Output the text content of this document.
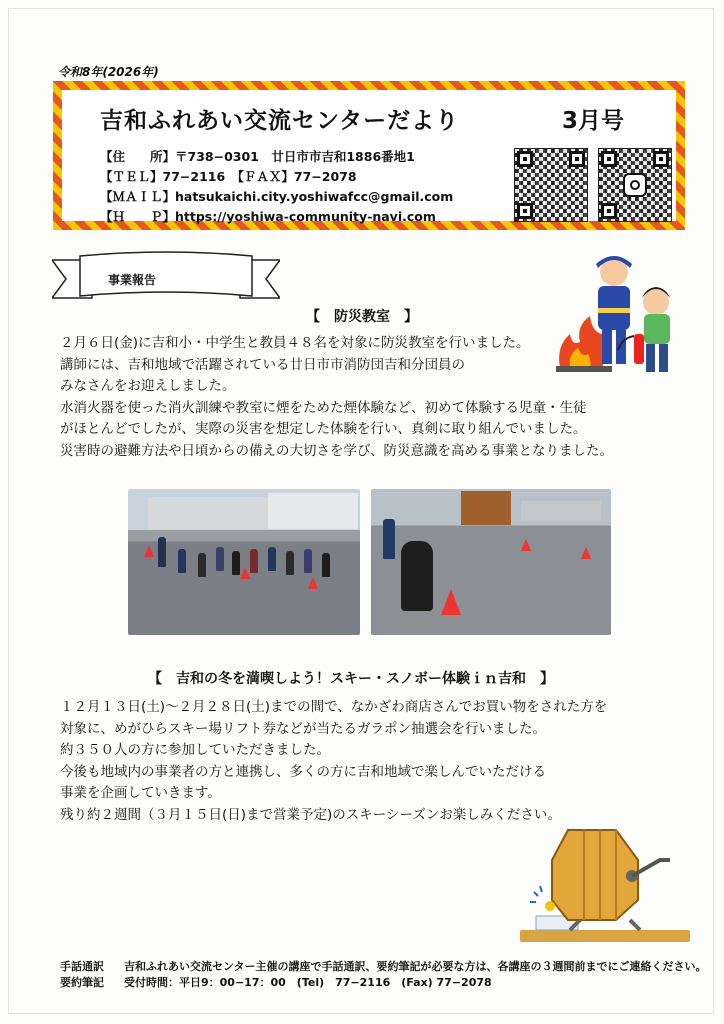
令和8年(2026年)
吉和ふれあい交流センターだより	3月号
【住　　所】〒738−0301　廿日市市吉和1886番地1
【ＴＥＬ】77−2116　【ＦＡＸ】77−2078
【ＭＡＩＬ】hatsukaichi.city.yoshiwafcc@gmail.com
【Ｈ　　Ｐ】https://yoshiwa-community-navi.com
事業報告
【　防災教室　】
２月６日(金)に吉和小・中学生と教員４８名を対象に防災教室を行いました。
講師には、吉和地域で活躍されている廿日市市消防団吉和分団員の
みなさんをお迎えしました。
水消火器を使った消火訓練や教室に煙をためた煙体験など、初めて体験する児童・生徒
がほとんどでしたが、実際の災害を想定した体験を行い、真剣に取り組んでいました。
災害時の避難方法や日頃からの備えの大切さを学び、防災意識を高める事業となりました。
【　吉和の冬を満喫しよう！スキー・スノボー体験ｉｎ吉和　】
１２月１３日(土)～２月２８日(土)までの間で、なかざわ商店さんでお買い物をされた方を
対象に、めがひらスキー場リフト券などが当たるガラポン抽選会を行いました。
約３５０人の方に参加していただきました。
今後も地域内の事業者の方と連携し、多くの方に吉和地域で楽しんでいただける
事業を企画していきます。
残り約２週間（３月１５日(日)まで営業予定)のスキーシーズンお楽しみください。
手話通訳
要約筆記
吉和ふれあい交流センター主催の講座で手話通訳、要約筆記が必要な方は、各講座の３週間前までにご連絡ください。
受付時間：平日9：00−17：00　(Tel)　77−2116　(Fax) 77−2078
